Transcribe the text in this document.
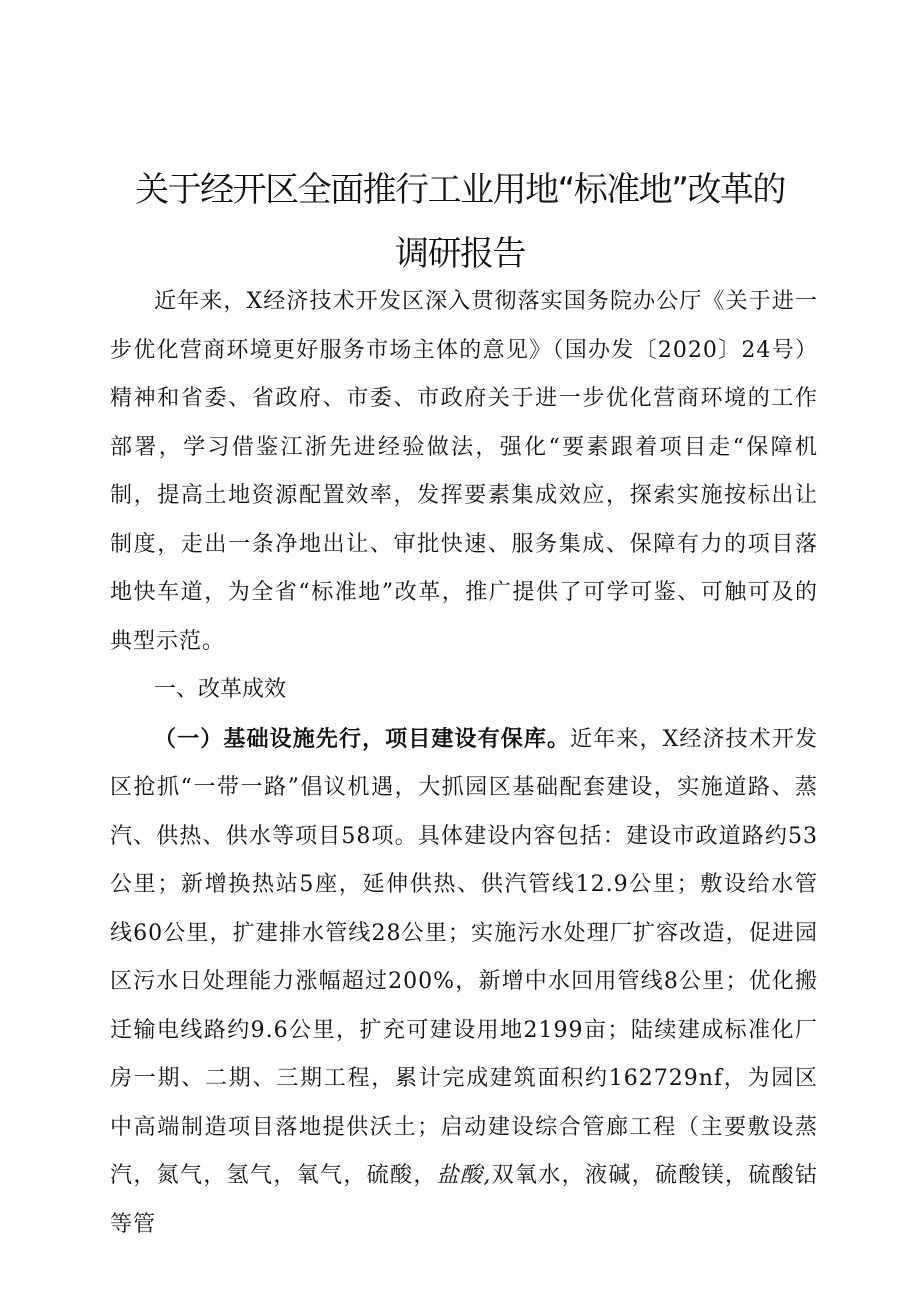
关于经开区全面推行工业用地“标准地”改革的
调研报告

近年来，X经济技术开发区深入贯彻落实国务院办公厅《关于进一步优化营商环境更好服务市场主体的意见》（国办发〔2020〕24号）精神和省委、省政府、市委、市政府关于进一步优化营商环境的工作部署，学习借鉴江浙先进经验做法，强化“要素跟着项目走“保障机制，提高土地资源配置效率，发挥要素集成效应，探索实施按标出让制度，走出一条净地出让、审批快速、服务集成、保障有力的项目落地快车道，为全省“标准地”改革，推广提供了可学可鉴、可触可及的典型示范。

一、改革成效

（一）基础设施先行，项目建设有保库。近年来，X经济技术开发区抢抓“一带一路”倡议机遇，大抓园区基础配套建设，实施道路、蒸汽、供热、供水等项目58项。具体建设内容包括：建设市政道路约53公里；新增换热站5座，延伸供热、供汽管线12.9公里；敷设给水管线60公里，扩建排水管线28公里；实施污水处理厂扩容改造，促进园区污水日处理能力涨幅超过200%，新增中水回用管线8公里；优化搬迁输电线路约9.6公里，扩充可建设用地2199亩；陆续建成标准化厂房一期、二期、三期工程，累计完成建筑面积约162729nf，为园区中高端制造项目落地提供沃土；启动建设综合管廊工程（主要敷设蒸汽，氮气，氢气，氧气，硫酸，盐酸,双氧水，液碱，硫酸镁，硫酸钴等管
